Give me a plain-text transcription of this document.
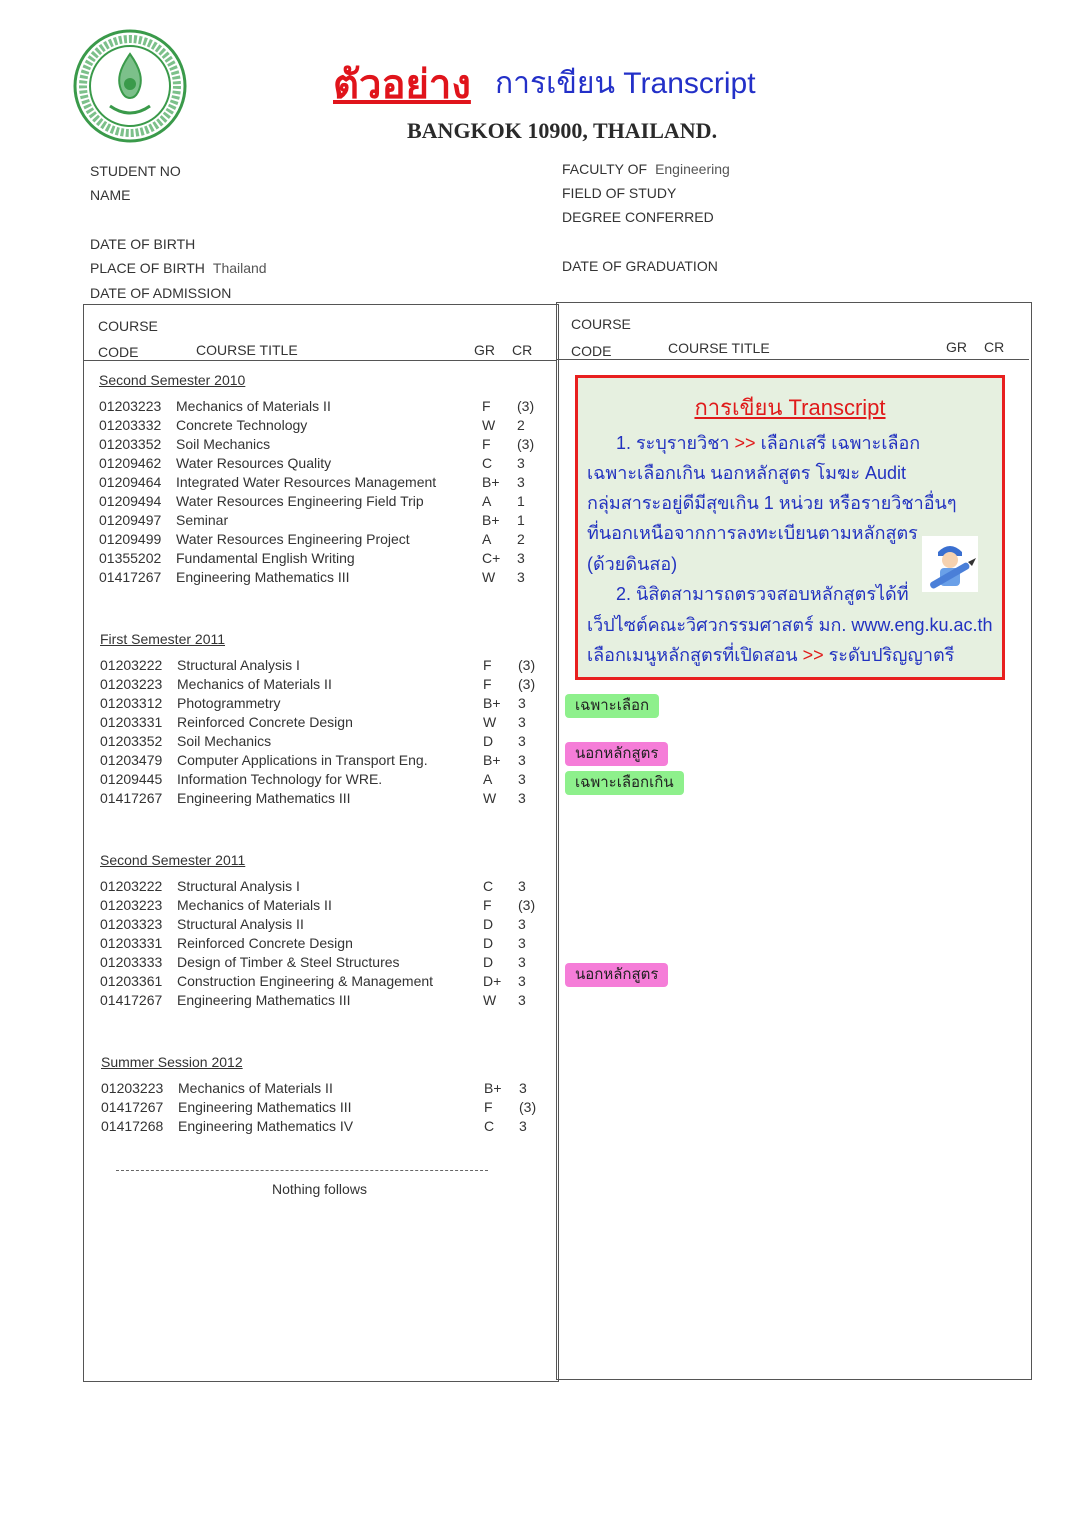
ตัวอย่าง การเขียน Transcript
BANGKOK 10900, THAILAND.
STUDENT NO
NAME
DATE OF BIRTH
PLACE OF BIRTH Thailand
DATE OF ADMISSION
FACULTY OF Engineering
FIELD OF STUDY
DEGREE CONFERRED
DATE OF GRADUATION
COURSE
CODE	COURSE TITLE	GR CR
COURSE
CODE	COURSE TITLE	GR CR
Second Semester 2010
01203223 Mechanics of Materials II	F (3)
01203332 Concrete Technology	W 2
01203352 Soil Mechanics	F (3)
01209462 Water Resources Quality	C 3
01209464 Integrated Water Resources Management	B+ 3
01209494 Water Resources Engineering Field Trip	A 1
01209497 Seminar	B+ 1
01209499 Water Resources Engineering Project	A 2
01355202 Fundamental English Writing	C+ 3
01417267 Engineering Mathematics III	W 3
First Semester 2011
01203222 Structural Analysis I	F (3)
01203223 Mechanics of Materials II	F (3)
01203312 Photogrammetry	B+ 3
01203331 Reinforced Concrete Design	W 3
01203352 Soil Mechanics	D 3
01203479 Computer Applications in Transport Eng.	B+ 3
01209445 Information Technology for WRE.	A 3
01417267 Engineering Mathematics III	W 3
Second Semester 2011
01203222 Structural Analysis I	C 3
01203223 Mechanics of Materials II	F (3)
01203323 Structural Analysis II	D 3
01203331 Reinforced Concrete Design	D 3
01203333 Design of Timber & Steel Structures	D 3
01203361 Construction Engineering & Management	D+ 3
01417267 Engineering Mathematics III	W 3
Summer Session 2012
01203223 Mechanics of Materials II	B+ 3
01417267 Engineering Mathematics III	F (3)
01417268 Engineering Mathematics IV	C 3
Nothing follows
การเขียน Transcript
1. ระบุรายวิชา >> เลือกเสรี เฉพาะเลือก
เฉพาะเลือกเกิน นอกหลักสูตร โมฆะ Audit
กลุ่มสาระอยู่ดีมีสุขเกิน 1 หน่วย หรือรายวิชาอื่นๆ
ที่นอกเหนือจากการลงทะเบียนตามหลักสูตร
(ด้วยดินสอ)
2. นิสิตสามารถตรวจสอบหลักสูตรได้ที่
เว็ปไซต์คณะวิศวกรรมศาสตร์ มก. www.eng.ku.ac.th
เลือกเมนูหลักสูตรที่เปิดสอน >> ระดับปริญญาตรี
เฉพาะเลือก
นอกหลักสูตร
เฉพาะเลือกเกิน
นอกหลักสูตร
